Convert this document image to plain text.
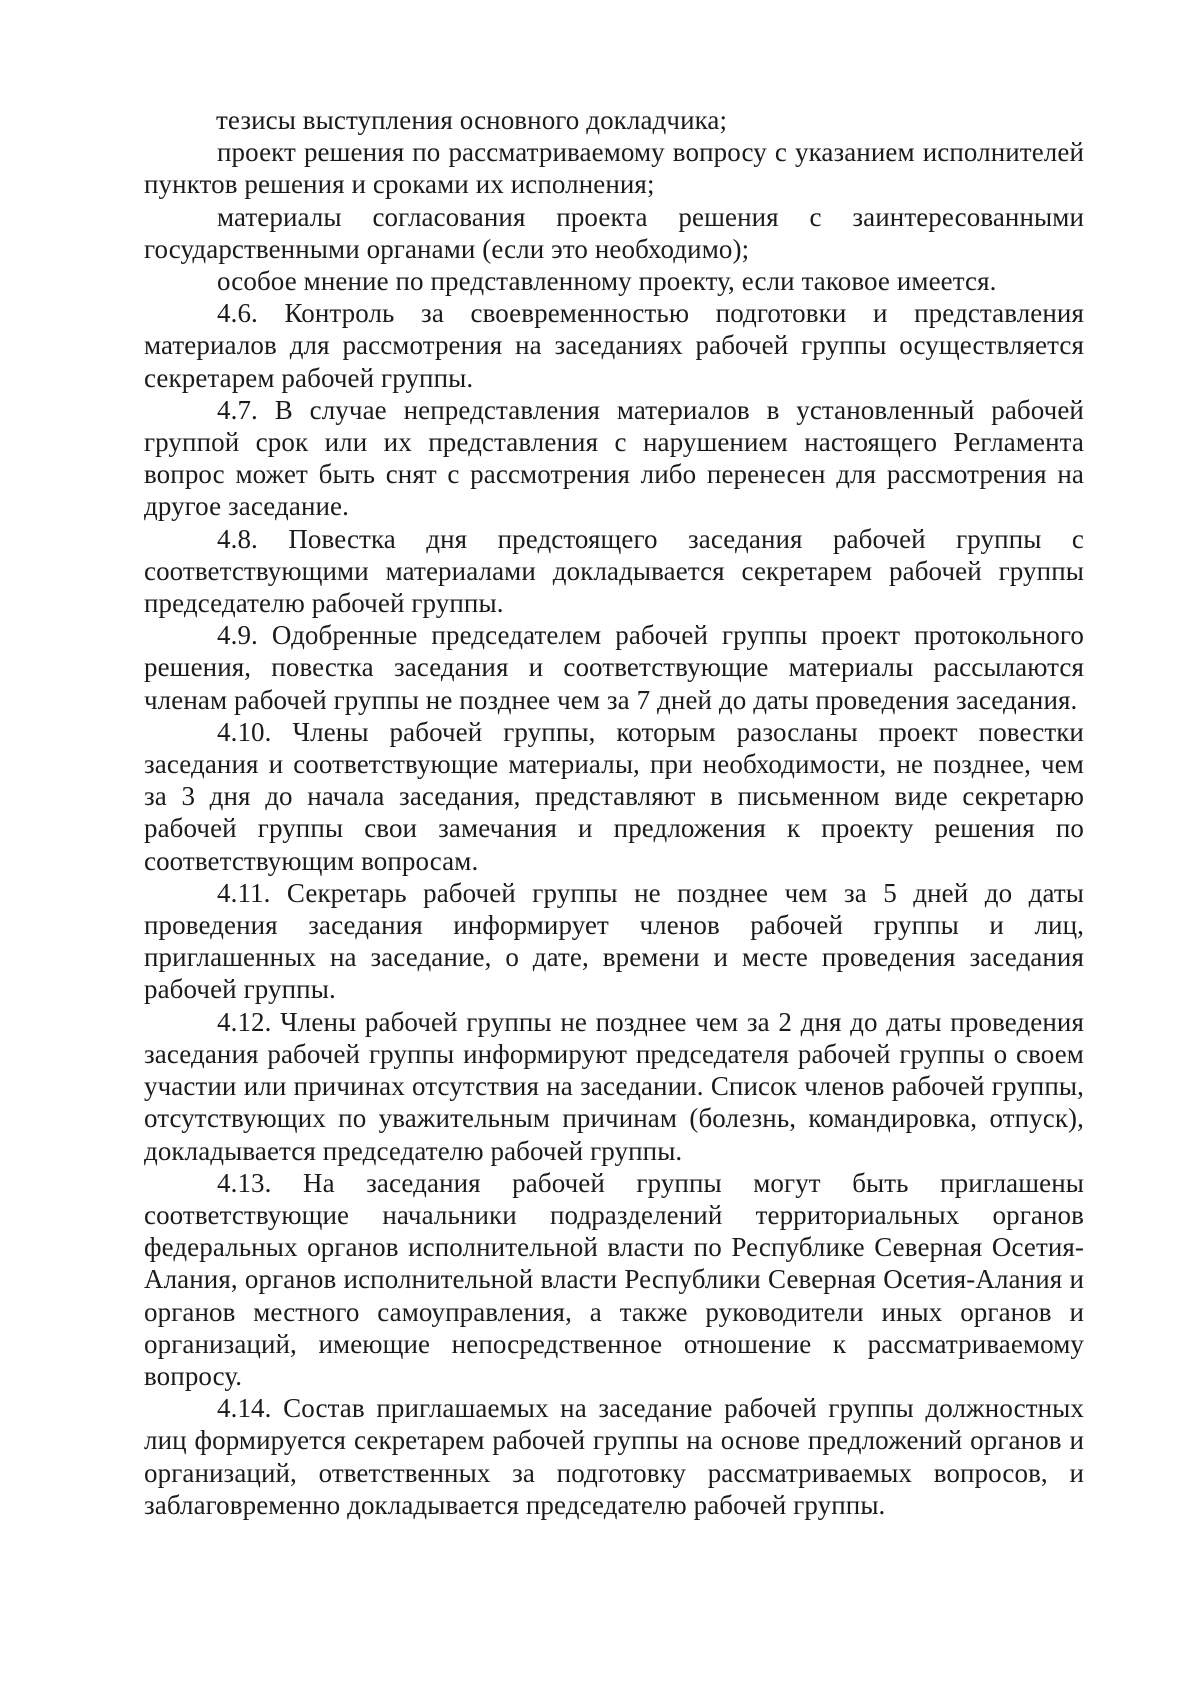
тезисы выступления основного докладчика;

проект решения по рассматриваемому вопросу с указанием исполнителей пунктов решения и сроками их исполнения;

материалы согласования проекта решения с заинтересованными государственными органами (если это необходимо);

особое мнение по представленному проекту, если таковое имеется.

4.6. Контроль за своевременностью подготовки и представления материалов для рассмотрения на заседаниях рабочей группы осуществляется секретарем рабочей группы.

4.7. В случае непредставления материалов в установленный рабочей группой срок или их представления с нарушением настоящего Регламента вопрос может быть снят с рассмотрения либо перенесен для рассмотрения на другое заседание.

4.8. Повестка дня предстоящего заседания рабочей группы с соответствующими материалами докладывается секретарем рабочей группы председателю рабочей группы.

4.9. Одобренные председателем рабочей группы проект протокольного решения, повестка заседания и соответствующие материалы рассылаются членам рабочей группы не позднее чем за 7 дней до даты проведения заседания.

4.10. Члены рабочей группы, которым разосланы проект повестки заседания и соответствующие материалы, при необходимости, не позднее, чем за 3 дня до начала заседания, представляют в письменном виде секретарю рабочей группы свои замечания и предложения к проекту решения по соответствующим вопросам.

4.11. Секретарь рабочей группы не позднее чем за 5 дней до даты проведения заседания информирует членов рабочей группы и лиц, приглашенных на заседание, о дате, времени и месте проведения заседания рабочей группы.

4.12. Члены рабочей группы не позднее чем за 2 дня до даты проведения заседания рабочей группы информируют председателя рабочей группы о своем участии или причинах отсутствия на заседании. Список членов рабочей группы, отсутствующих по уважительным причинам (болезнь, командировка, отпуск), докладывается председателю рабочей группы.

4.13. На заседания рабочей группы могут быть приглашены соответствующие начальники подразделений территориальных органов федеральных органов исполнительной власти по Республике Северная Осетия-Алания, органов исполнительной власти Республики Северная Осетия-Алания и органов местного самоуправления, а также руководители иных органов и организаций, имеющие непосредственное отношение к рассматриваемому вопросу.

4.14. Состав приглашаемых на заседание рабочей группы должностных лиц формируется секретарем рабочей группы на основе предложений органов и организаций, ответственных за подготовку рассматриваемых вопросов, и заблаговременно докладывается председателю рабочей группы.
